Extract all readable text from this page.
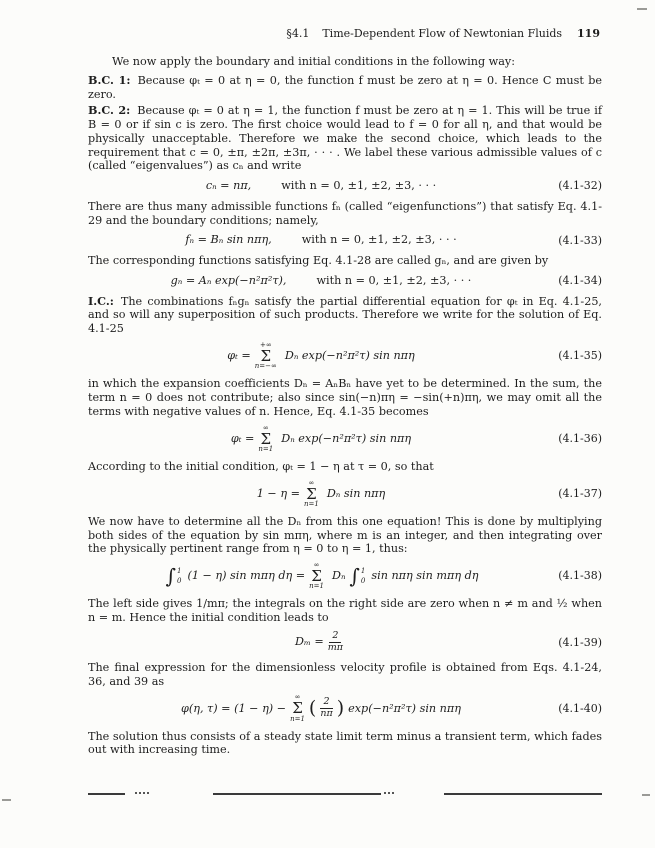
§4.1 Time-Dependent Flow of Newtonian Fluids 119

We now apply the boundary and initial conditions in the following way:

B.C. 1: Because φₜ = 0 at η = 0, the function f must be zero at η = 0. Hence C must be zero.

B.C. 2: Because φₜ = 0 at η = 1, the function f must be zero at η = 1. This will be true if B = 0 or if sin c is zero. The first choice would lead to f = 0 for all η, and that would be physically unacceptable. Therefore we make the second choice, which leads to the requirement that c = 0, ±π, ±2π, ±3π, · · · . We label these various admissible values of c (called “eigenvalues”) as cₙ and write

cₙ = nπ,	with n = 0, ±1, ±2, ±3, · · ·	(4.1-32)

There are thus many admissible functions fₙ (called “eigenfunctions”) that satisfy Eq. 4.1-29 and the boundary conditions; namely,

fₙ = Bₙ sin nπη,	with n = 0, ±1, ±2, ±3, · · ·	(4.1-33)

The corresponding functions satisfying Eq. 4.1-28 are called gₙ, and are given by

gₙ = Aₙ exp(−n²π²τ),	with n = 0, ±1, ±2, ±3, · · ·	(4.1-34)

I.C.: The combinations fₙgₙ satisfy the partial differential equation for φₜ in Eq. 4.1-25, and so will any superposition of such products. Therefore we write for the solution of Eq. 4.1-25

φₜ =
+∞
Σ
n=−∞
Dₙ exp(−n²π²τ) sin nπη	(4.1-35)

in which the expansion coefficients Dₙ = AₙBₙ have yet to be determined. In the sum, the term n = 0 does not contribute; also since sin(−n)πη = −sin(+n)πη, we may omit all the terms with negative values of n. Hence, Eq. 4.1-35 becomes

φₜ =
∞
Σ
n=1
Dₙ exp(−n²π²τ) sin nπη	(4.1-36)

According to the initial condition, φₜ = 1 − η at τ = 0, so that

1 − η =
∞
Σ
n=1
Dₙ sin nπη	(4.1-37)

We now have to determine all the Dₙ from this one equation! This is done by multiplying both sides of the equation by sin mπη, where m is an integer, and then integrating over the physically pertinent range from η = 0 to η = 1, thus:

∫ 1
0 (1 − η) sin mπη dη =
∞
Σ
n=1
Dₙ ∫ 1
0 sin nπη sin mπη dη	(4.1-38)

The left side gives 1/mπ; the integrals on the right side are zero when n ≠ m and ½ when n = m. Hence the initial condition leads to

$D_m = \frac{2}{m\pi}$	(4.1-39)

The final expression for the dimensionless velocity profile is obtained from Eqs. 4.1-24, 36, and 39 as

φ(η, τ) = (1 − η) −
∞
Σ
n=1 ( $\frac{2}{n\pi}$ ) exp(−n²π²τ) sin nπη	(4.1-40)

The solution thus consists of a steady state limit term minus a transient term, which fades out with increasing time.
